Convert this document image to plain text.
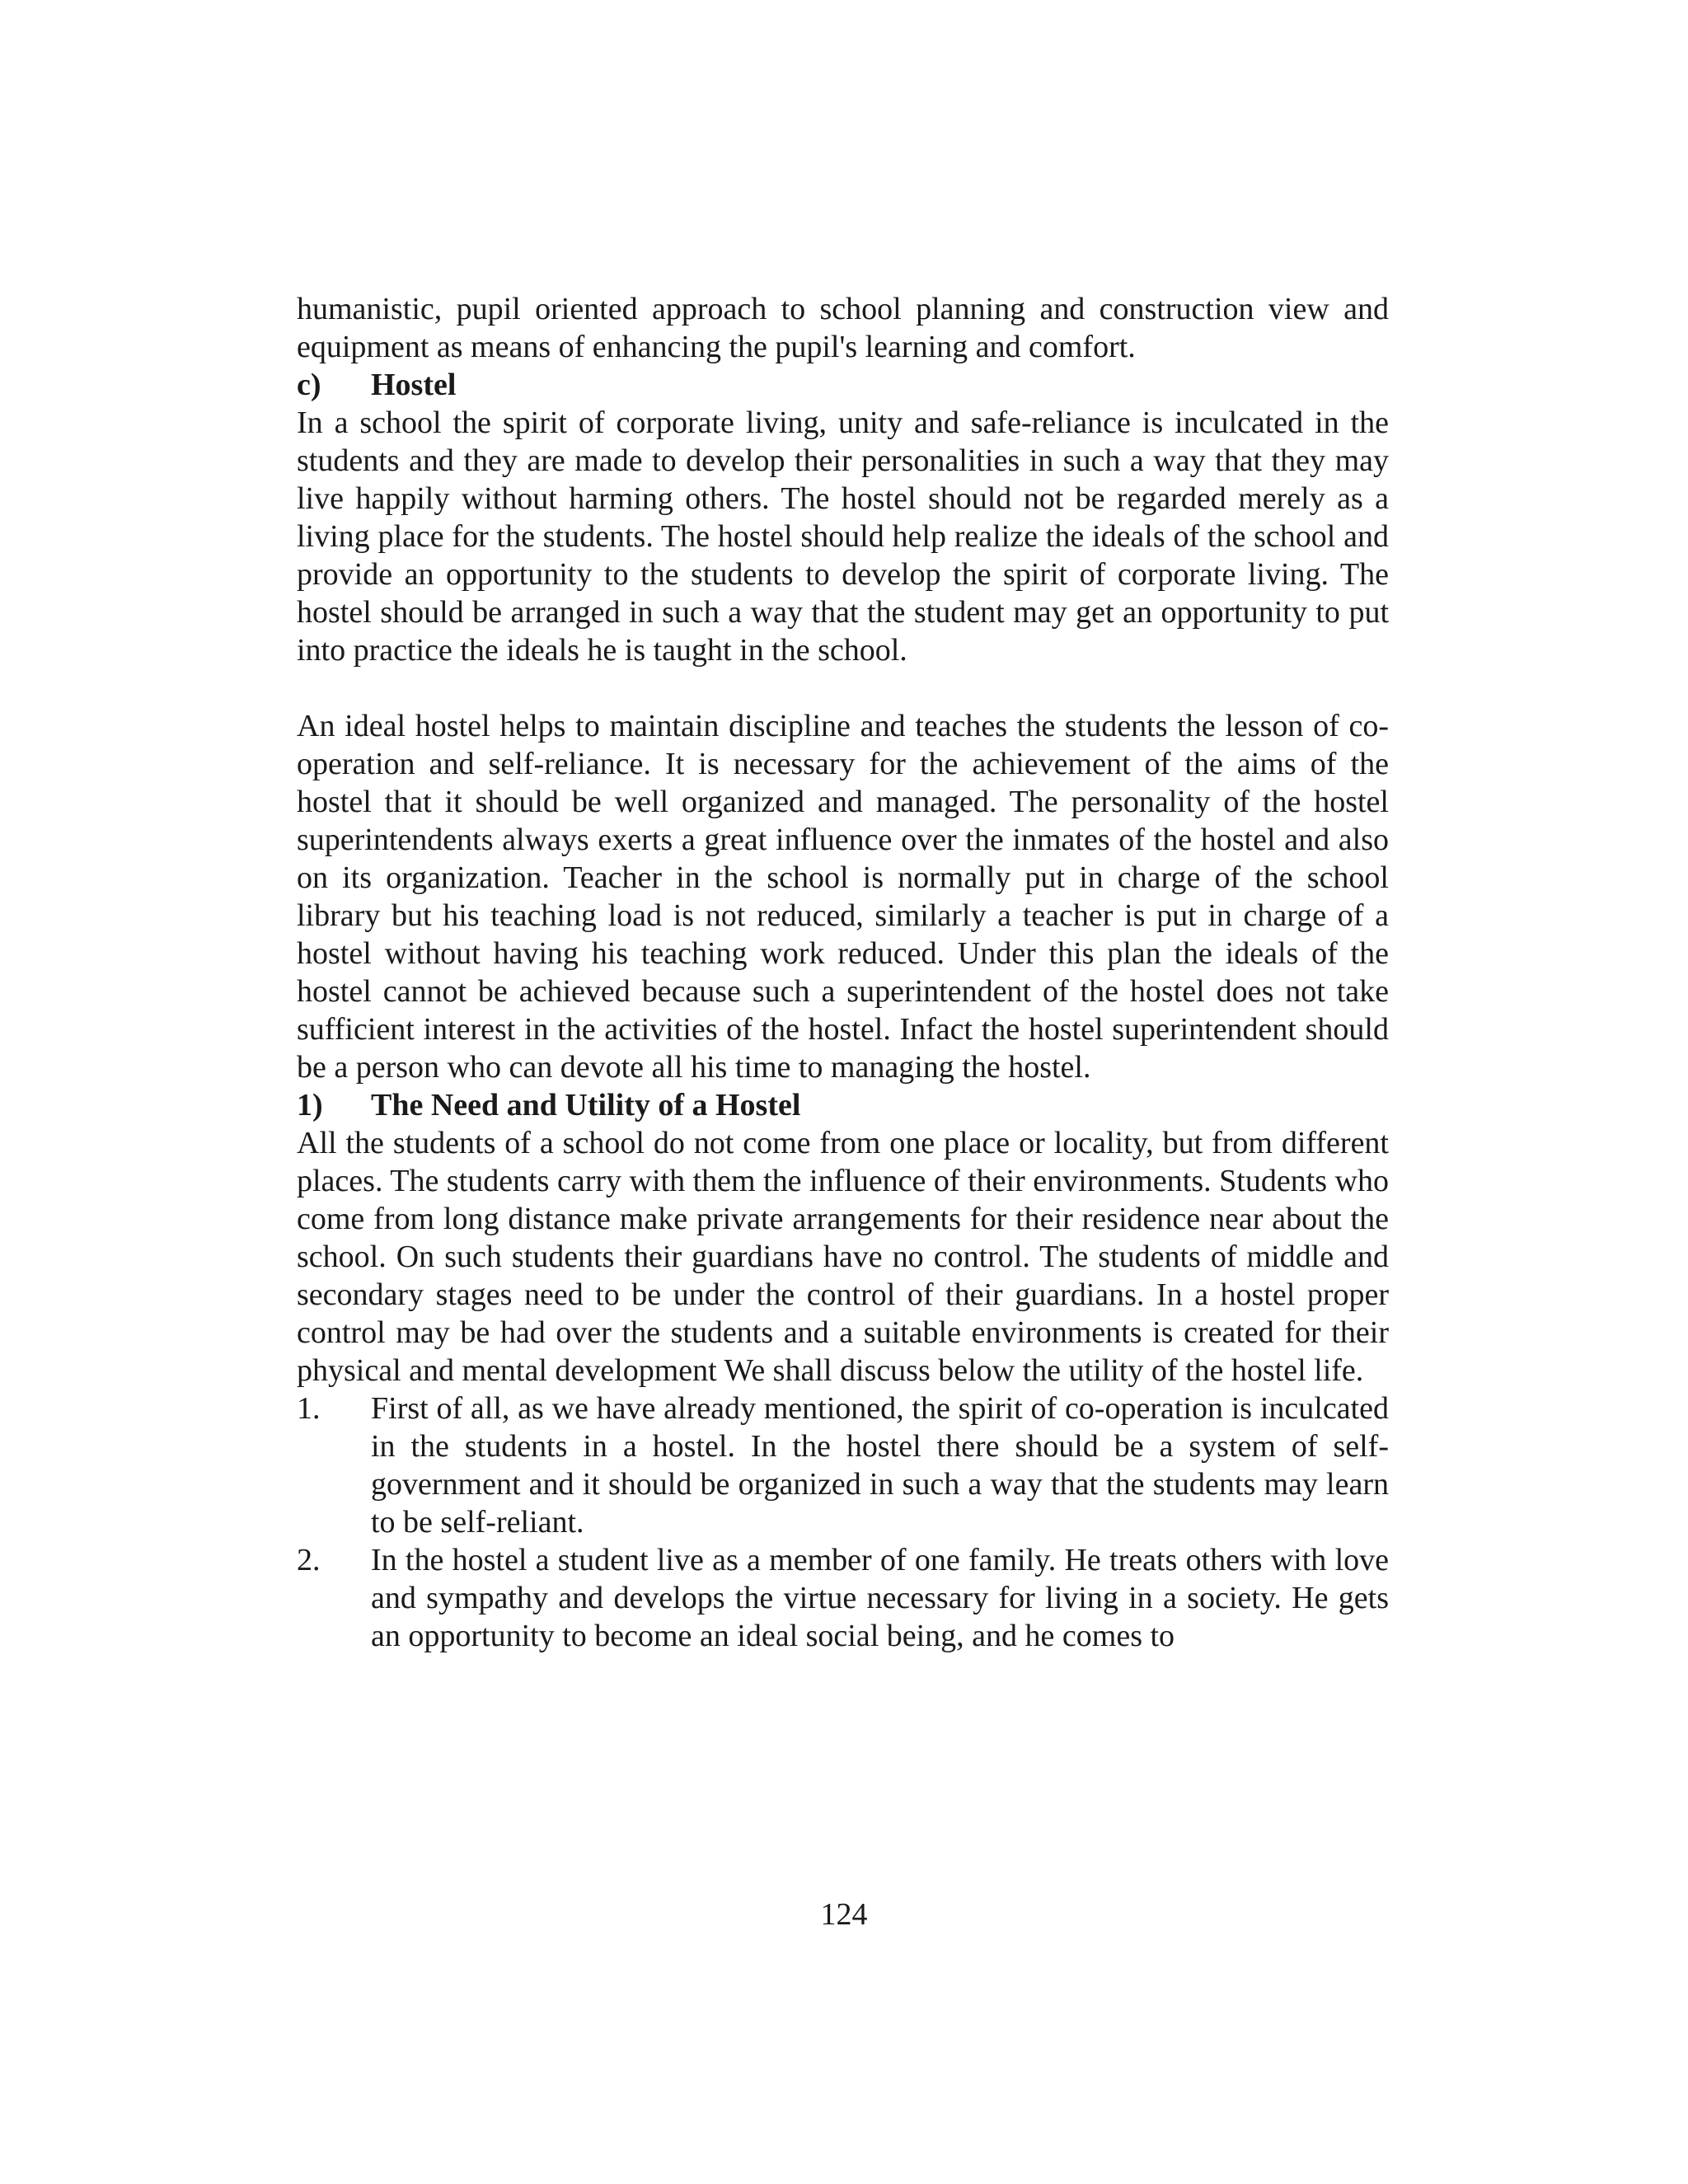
humanistic, pupil oriented approach to school planning and construction view and equipment as means of enhancing the pupil's learning and comfort.

c)	Hostel

In a school the spirit of corporate living, unity and safe-reliance is inculcated in the students and they are made to develop their personalities in such a way that they may live happily without harming others. The hostel should not be regarded merely as a living place for the students. The hostel should help realize the ideals of the school and provide an opportunity to the students to develop the spirit of corporate living. The hostel should be arranged in such a way that the student may get an opportunity to put into practice the ideals he is taught in the school.

An ideal hostel helps to maintain discipline and teaches the students the lesson of co-operation and self-reliance. It is necessary for the achievement of the aims of the hostel that it should be well organized and managed. The personality of the hostel superintendents always exerts a great influence over the inmates of the hostel and also on its organization. Teacher in the school is normally put in charge of the school library but his teaching load is not reduced, similarly a teacher is put in charge of a hostel without having his teaching work reduced. Under this plan the ideals of the hostel cannot be achieved because such a superintendent of the hostel does not take sufficient interest in the activities of the hostel. Infact the hostel superintendent should be a person who can devote all his time to managing the hostel.

1)	The Need and Utility of a Hostel

All the students of a school do not come from one place or locality, but from different places. The students carry with them the influence of their environments. Students who come from long distance make private arrangements for their residence near about the school. On such students their guardians have no control. The students of middle and secondary stages need to be under the control of their guardians. In a hostel proper control may be had over the students and a suitable environments is created for their physical and mental development We shall discuss below the utility of the hostel life.

1.	First of all, as we have already mentioned, the spirit of co-operation is inculcated in the students in a hostel. In the hostel there should be a system of self-government and it should be organized in such a way that the students may learn to be self-reliant.
2.	In the hostel a student live as a member of one family. He treats others with love and sympathy and develops the virtue necessary for living in a society. He gets an opportunity to become an ideal social being, and he comes to
124
